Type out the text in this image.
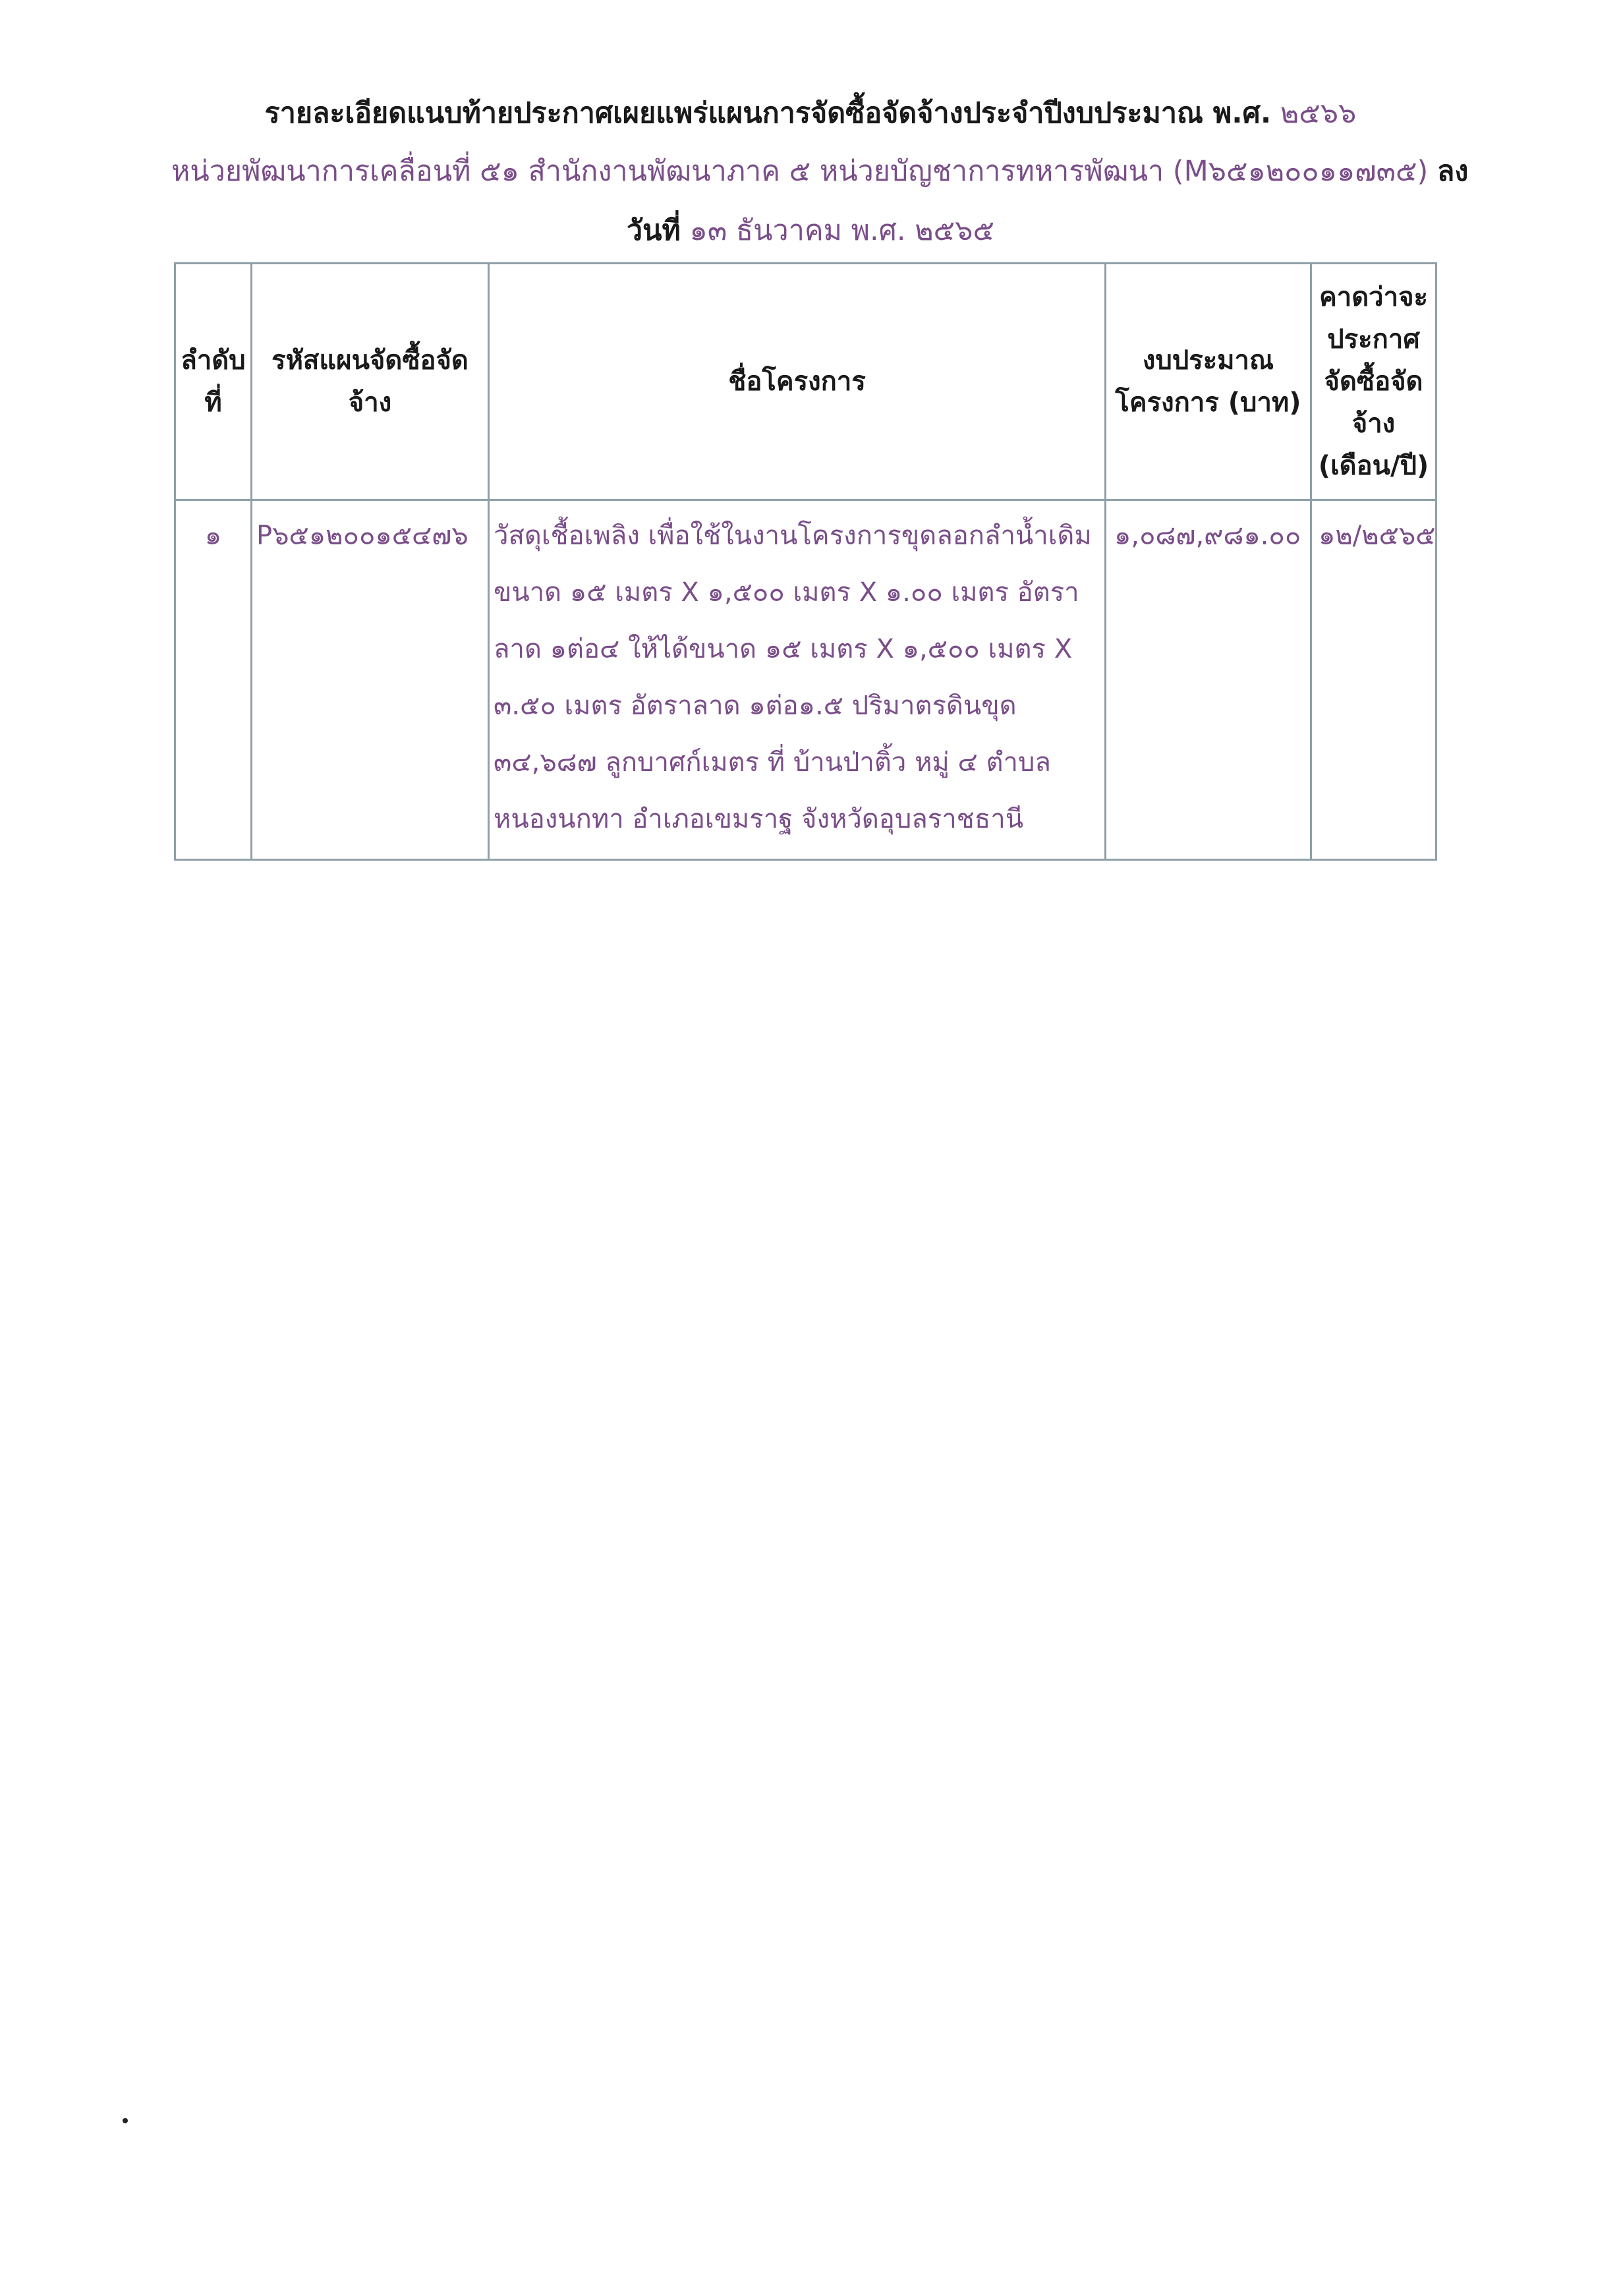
รายละเอียดแนบท้ายประกาศเผยแพร่แผนการจัดซื้อจัดจ้างประจำปีงบประมาณ พ.ศ. ๒๕๖๖
หน่วยพัฒนาการเคลื่อนที่ ๕๑ สำนักงานพัฒนาภาค ๕ หน่วยบัญชาการทหารพัฒนา (M๖๕๑๒๐๐๑๑๗๓๕) ลง
วันที่ ๑๓ ธันวาคม พ.ศ. ๒๕๖๕
ลำดับที่	รหัสแผนจัดซื้อจัดจ้าง	ชื่อโครงการ	งบประมาณโครงการ (บาท)	คาดว่าจะประกาศจัดซื้อจัดจ้าง (เดือน/ปี)
๑	P๖๕๑๒๐๐๑๕๔๗๖	วัสดุเชื้อเพลิง เพื่อใช้ในงานโครงการขุดลอกลำน้ำเดิม ขนาด ๑๕ เมตร X ๑,๕๐๐ เมตร X ๑.๐๐ เมตร อัตราลาด ๑ต่อ๔ ให้ได้ขนาด ๑๕ เมตร X ๑,๕๐๐ เมตร X ๓.๕๐ เมตร อัตราลาด ๑ต่อ๑.๕ ปริมาตรดินขุด ๓๔,๖๘๗ ลูกบาศก์เมตร ที่ บ้านป่าติ้ว หมู่ ๔ ตำบลหนองนกทา อำเภอเขมราฐ จังหวัดอุบลราชธานี	๑,๐๘๗,๙๘๑.๐๐	๑๒/๒๕๖๕
